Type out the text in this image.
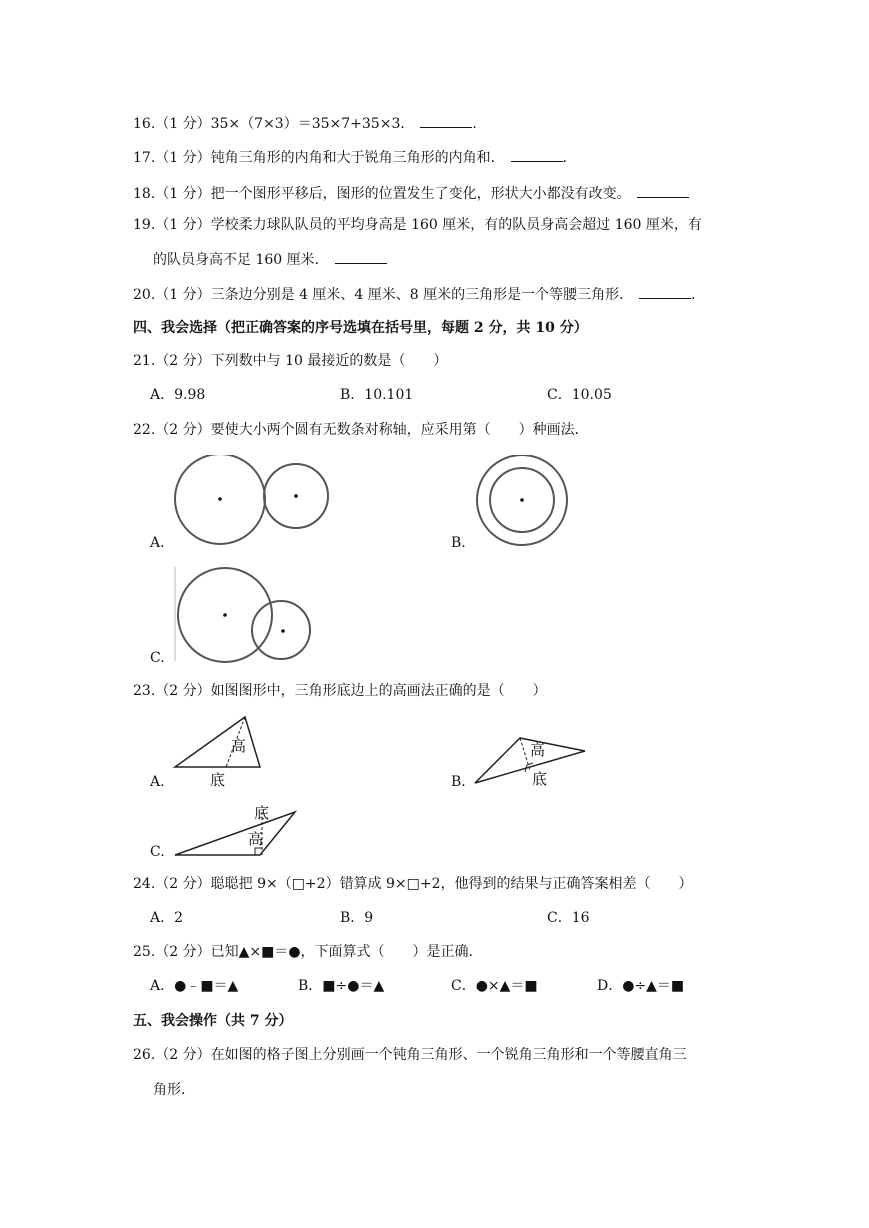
16.（1 分）35×（7×3）＝35×7+35×3．	.
17.（1 分）钝角三角形的内角和大于锐角三角形的内角和．	.
18.（1 分）把一个图形平移后，图形的位置发生了变化，形状大小都没有改变。
19.（1 分）学校柔力球队队员的平均身高是 160 厘米，有的队员身高会超过 160 厘米，有
的队员身高不足 160 厘米．
20.（1 分）三条边分别是 4 厘米、4 厘米、8 厘米的三角形是一个等腰三角形．	.
四、我会选择（把正确答案的序号选填在括号里，每题 2 分，共 10 分）
21.（2 分）下列数中与 10 最接近的数是（　　）
A．9.98	B．10.101	C．10.05
22.（2 分）要使大小两个圆有无数条对称轴，应采用第（　　）种画法．
A.	B.
C.
23.（2 分）如图图形中，三角形底边上的高画法正确的是（　　）
高
底
A.
高
底
B.
底
高
C.
24.（2 分）聪聪把 9×（□+2）错算成 9×□+2，他得到的结果与正确答案相差（　　）
A．2	B．9	C．16
25.（2 分）已知▲×■＝●，下面算式（　　）是正确．
A．●﹣■＝▲	B．■÷●＝▲	C．●×▲＝■	D．●÷▲＝■
五、我会操作（共 7 分）
26.（2 分）在如图的格子图上分别画一个钝角三角形、一个锐角三角形和一个等腰直角三
角形.
